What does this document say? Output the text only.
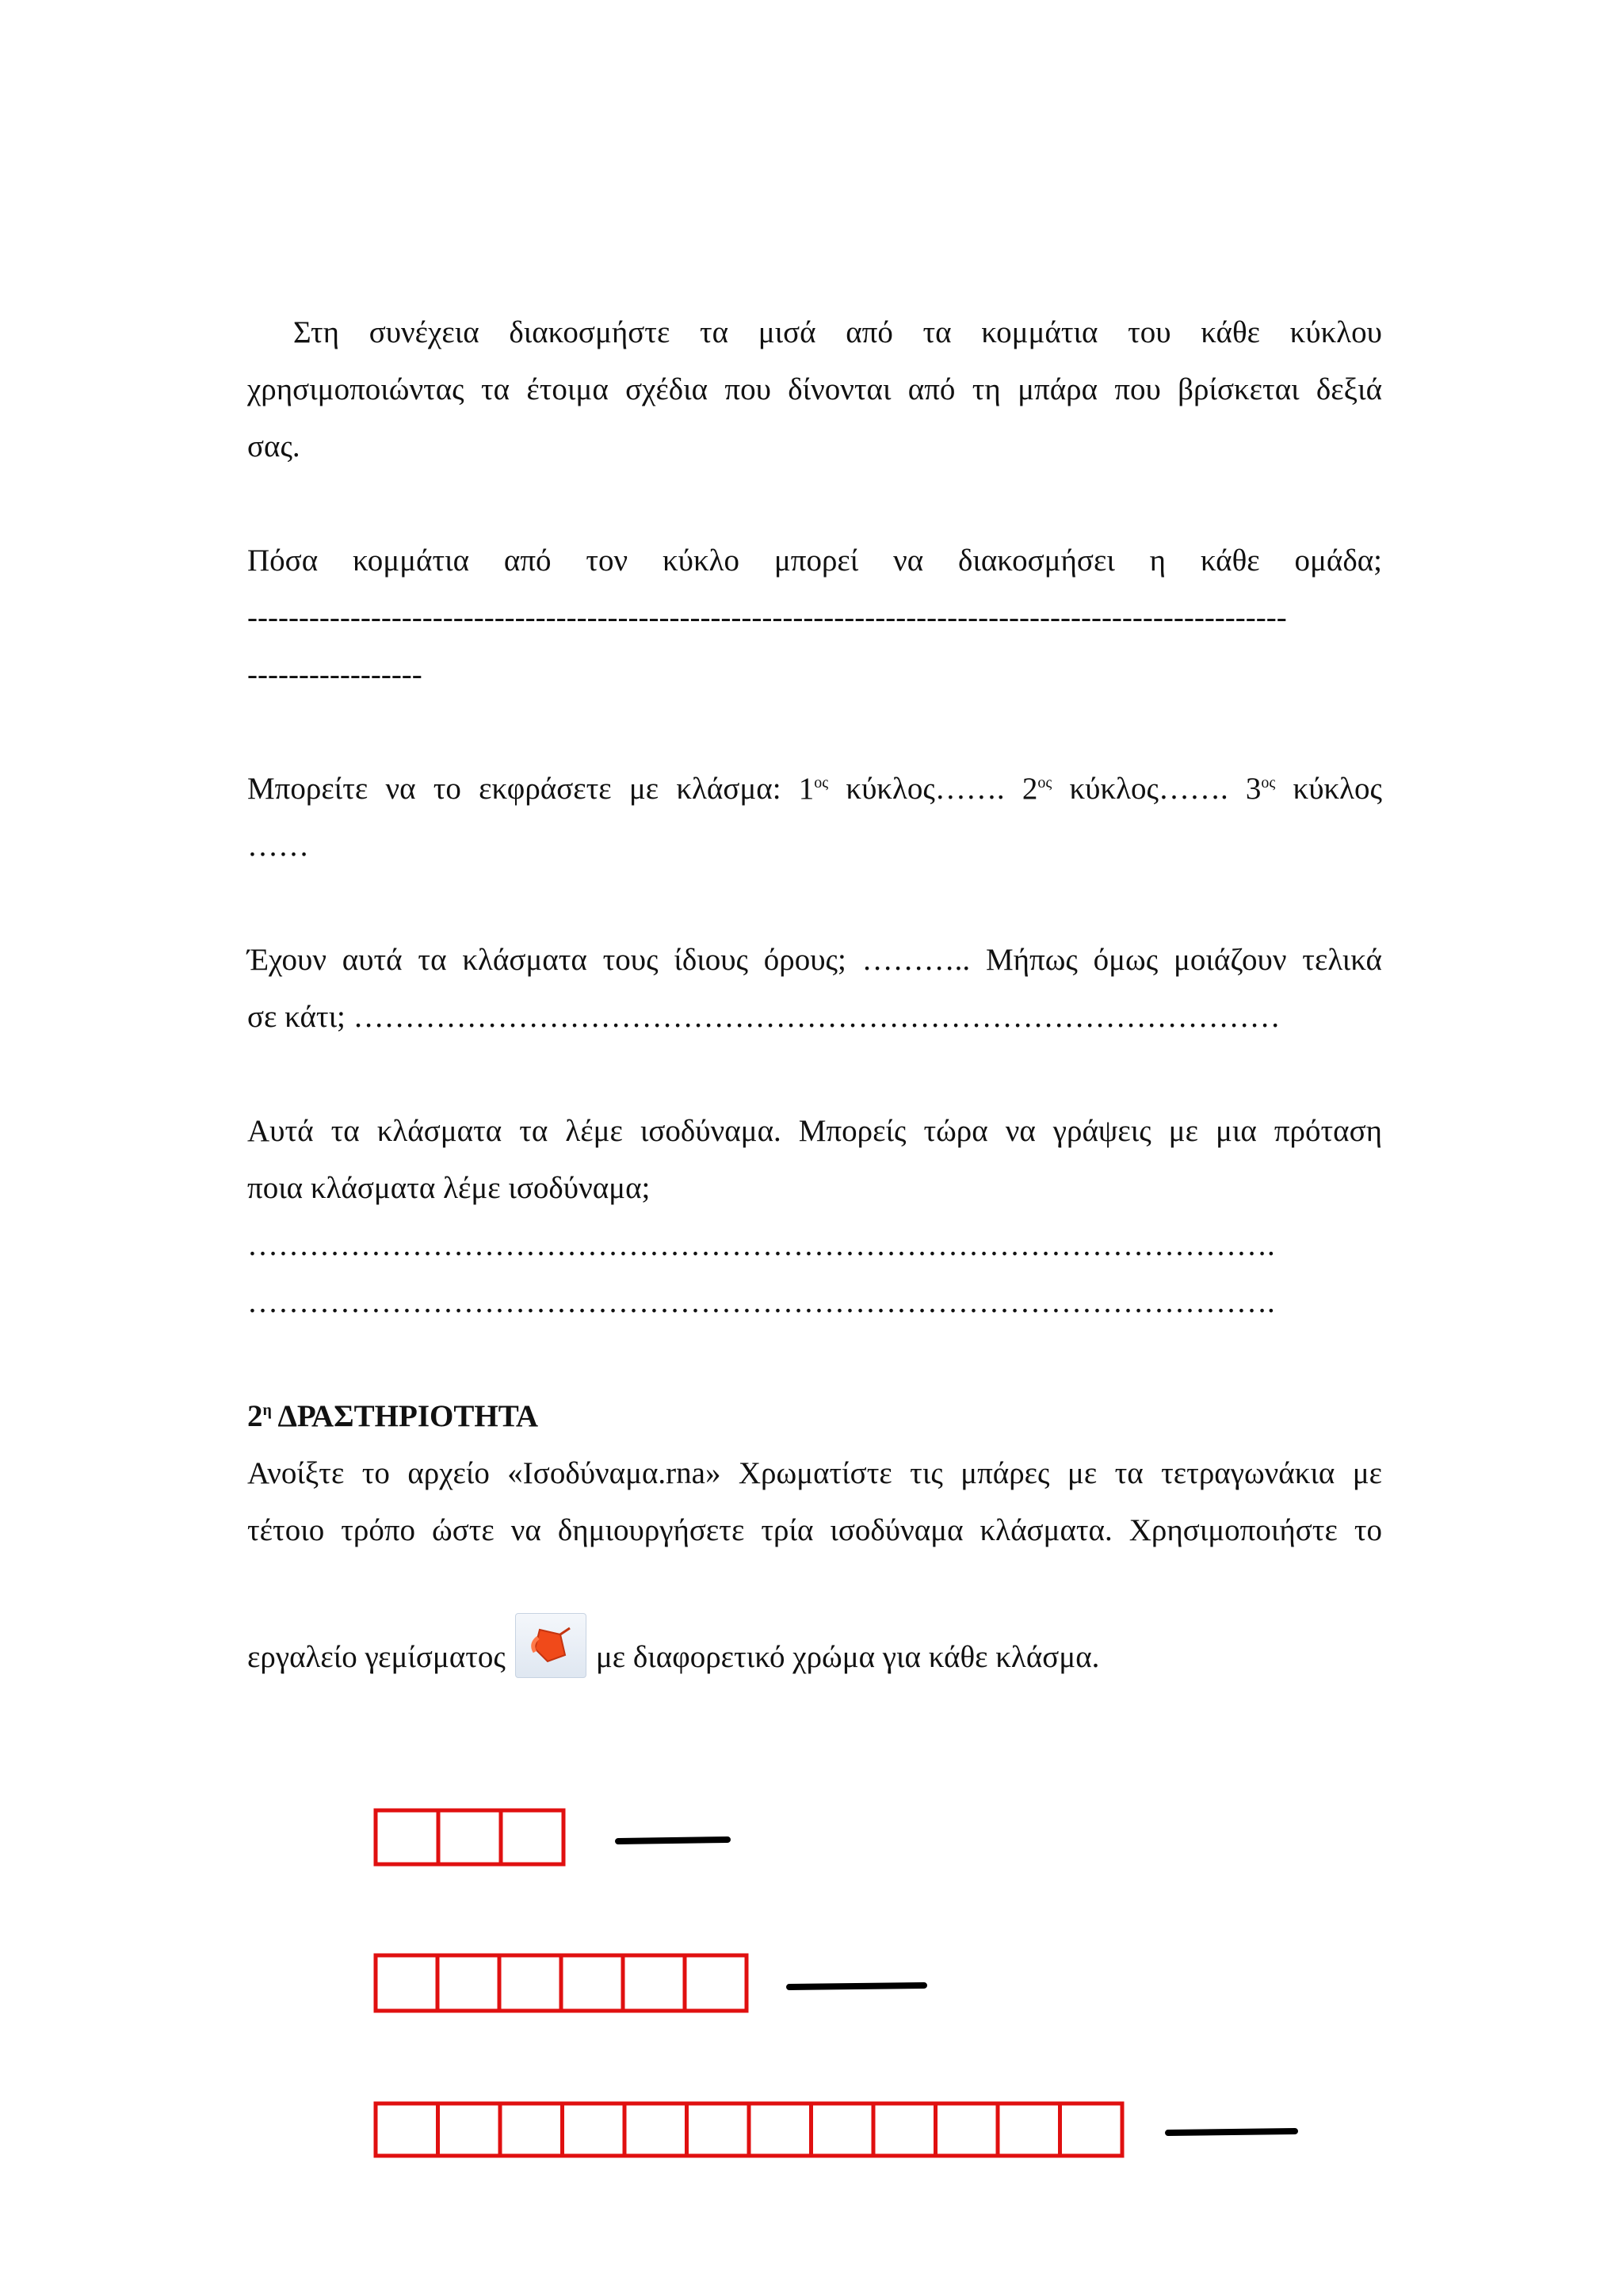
Στη συνέχεια διακοσμήστε τα μισά από τα κομμάτια του κάθε κύκλου
χρησιμοποιώντας τα έτοιμα σχέδια που δίνονται από τη μπάρα που βρίσκεται δεξιά
σας.
Πόσα κομμάτια από τον κύκλο μπορεί να διακοσμήσει η κάθε ομάδα;
-----------------------------------------------------------------------------------------------------
-----------------
Μπορείτε να το εκφράσετε με κλάσμα: $1^{o\varsigma}$ κύκλος……. $2^{o\varsigma}$ κύκλος……. $3^{o\varsigma}$ κύκλος
……
Έχουν αυτά τα κλάσματα τους ίδιους όρους; ……….. Μήπως όμως μοιάζουν τελικά
σε κάτι; ………………………………………………………………………………
Αυτά τα κλάσματα τα λέμε ισοδύναμα. Μπορείς τώρα να γράψεις με μια πρόταση
ποια κλάσματα λέμε ισοδύναμα;
……………………………………………………………………………………….
……………………………………………………………………………………….
$2^\eta$ ΔΡΑΣΤΗΡΙΟΤΗΤΑ
Ανοίξτε το αρχείο «Ισοδύναμα.rna» Χρωματίστε τις μπάρες με τα τετραγωνάκια με
τέτοιο τρόπο ώστε να δημιουργήσετε τρία ισοδύναμα κλάσματα. Χρησιμοποιήστε το
εργαλείο γεμίσματος	με διαφορετικό χρώμα για κάθε κλάσμα.
